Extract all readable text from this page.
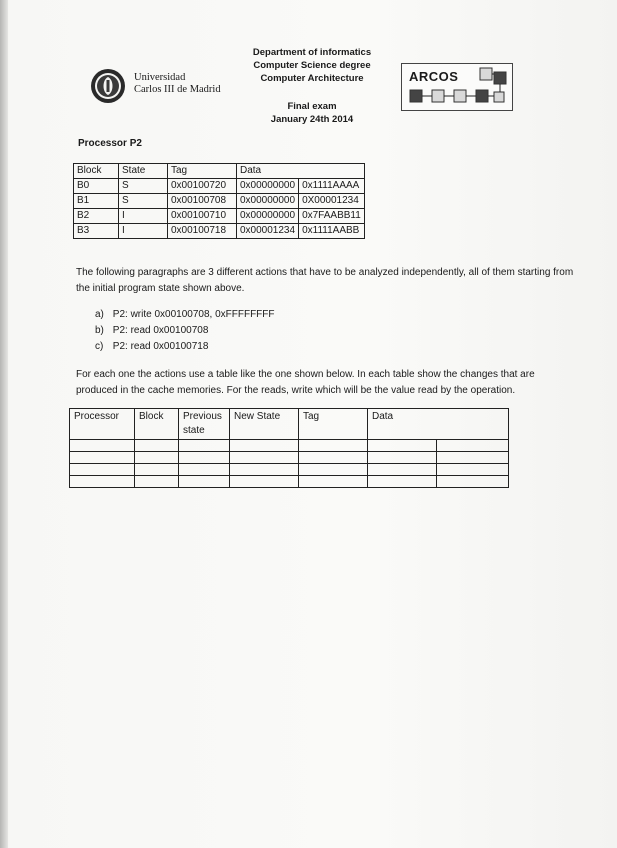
Universidad
Carlos III de Madrid
Department of informatics
Computer Science degree
Computer Architecture
Final exam
January 24th 2014
ARCOS
Processor P2
Block	State	Tag	Data	
B0	S	0x00100720	0x00000000	0x1111AAAA
B1	S	0x00100708	0x00000000	0X00001234
B2	I	0x00100710	0x00000000	0x7FAABB11
B3	I	0x00100718	0x00001234	0x1111AABB
The following paragraphs are 3 different actions that have to be analyzed independently, all of them starting from the initial program state shown above.
a) P2: write 0x00100708, 0xFFFFFFFF
b) P2: read 0x00100708
c) P2: read 0x00100718
For each one the actions use a table like the one shown below. In each table show the changes that are produced in the cache memories. For the reads, write which will be the value read by the operation.
Processor	Block	Previous state	New State	Tag	Data	
